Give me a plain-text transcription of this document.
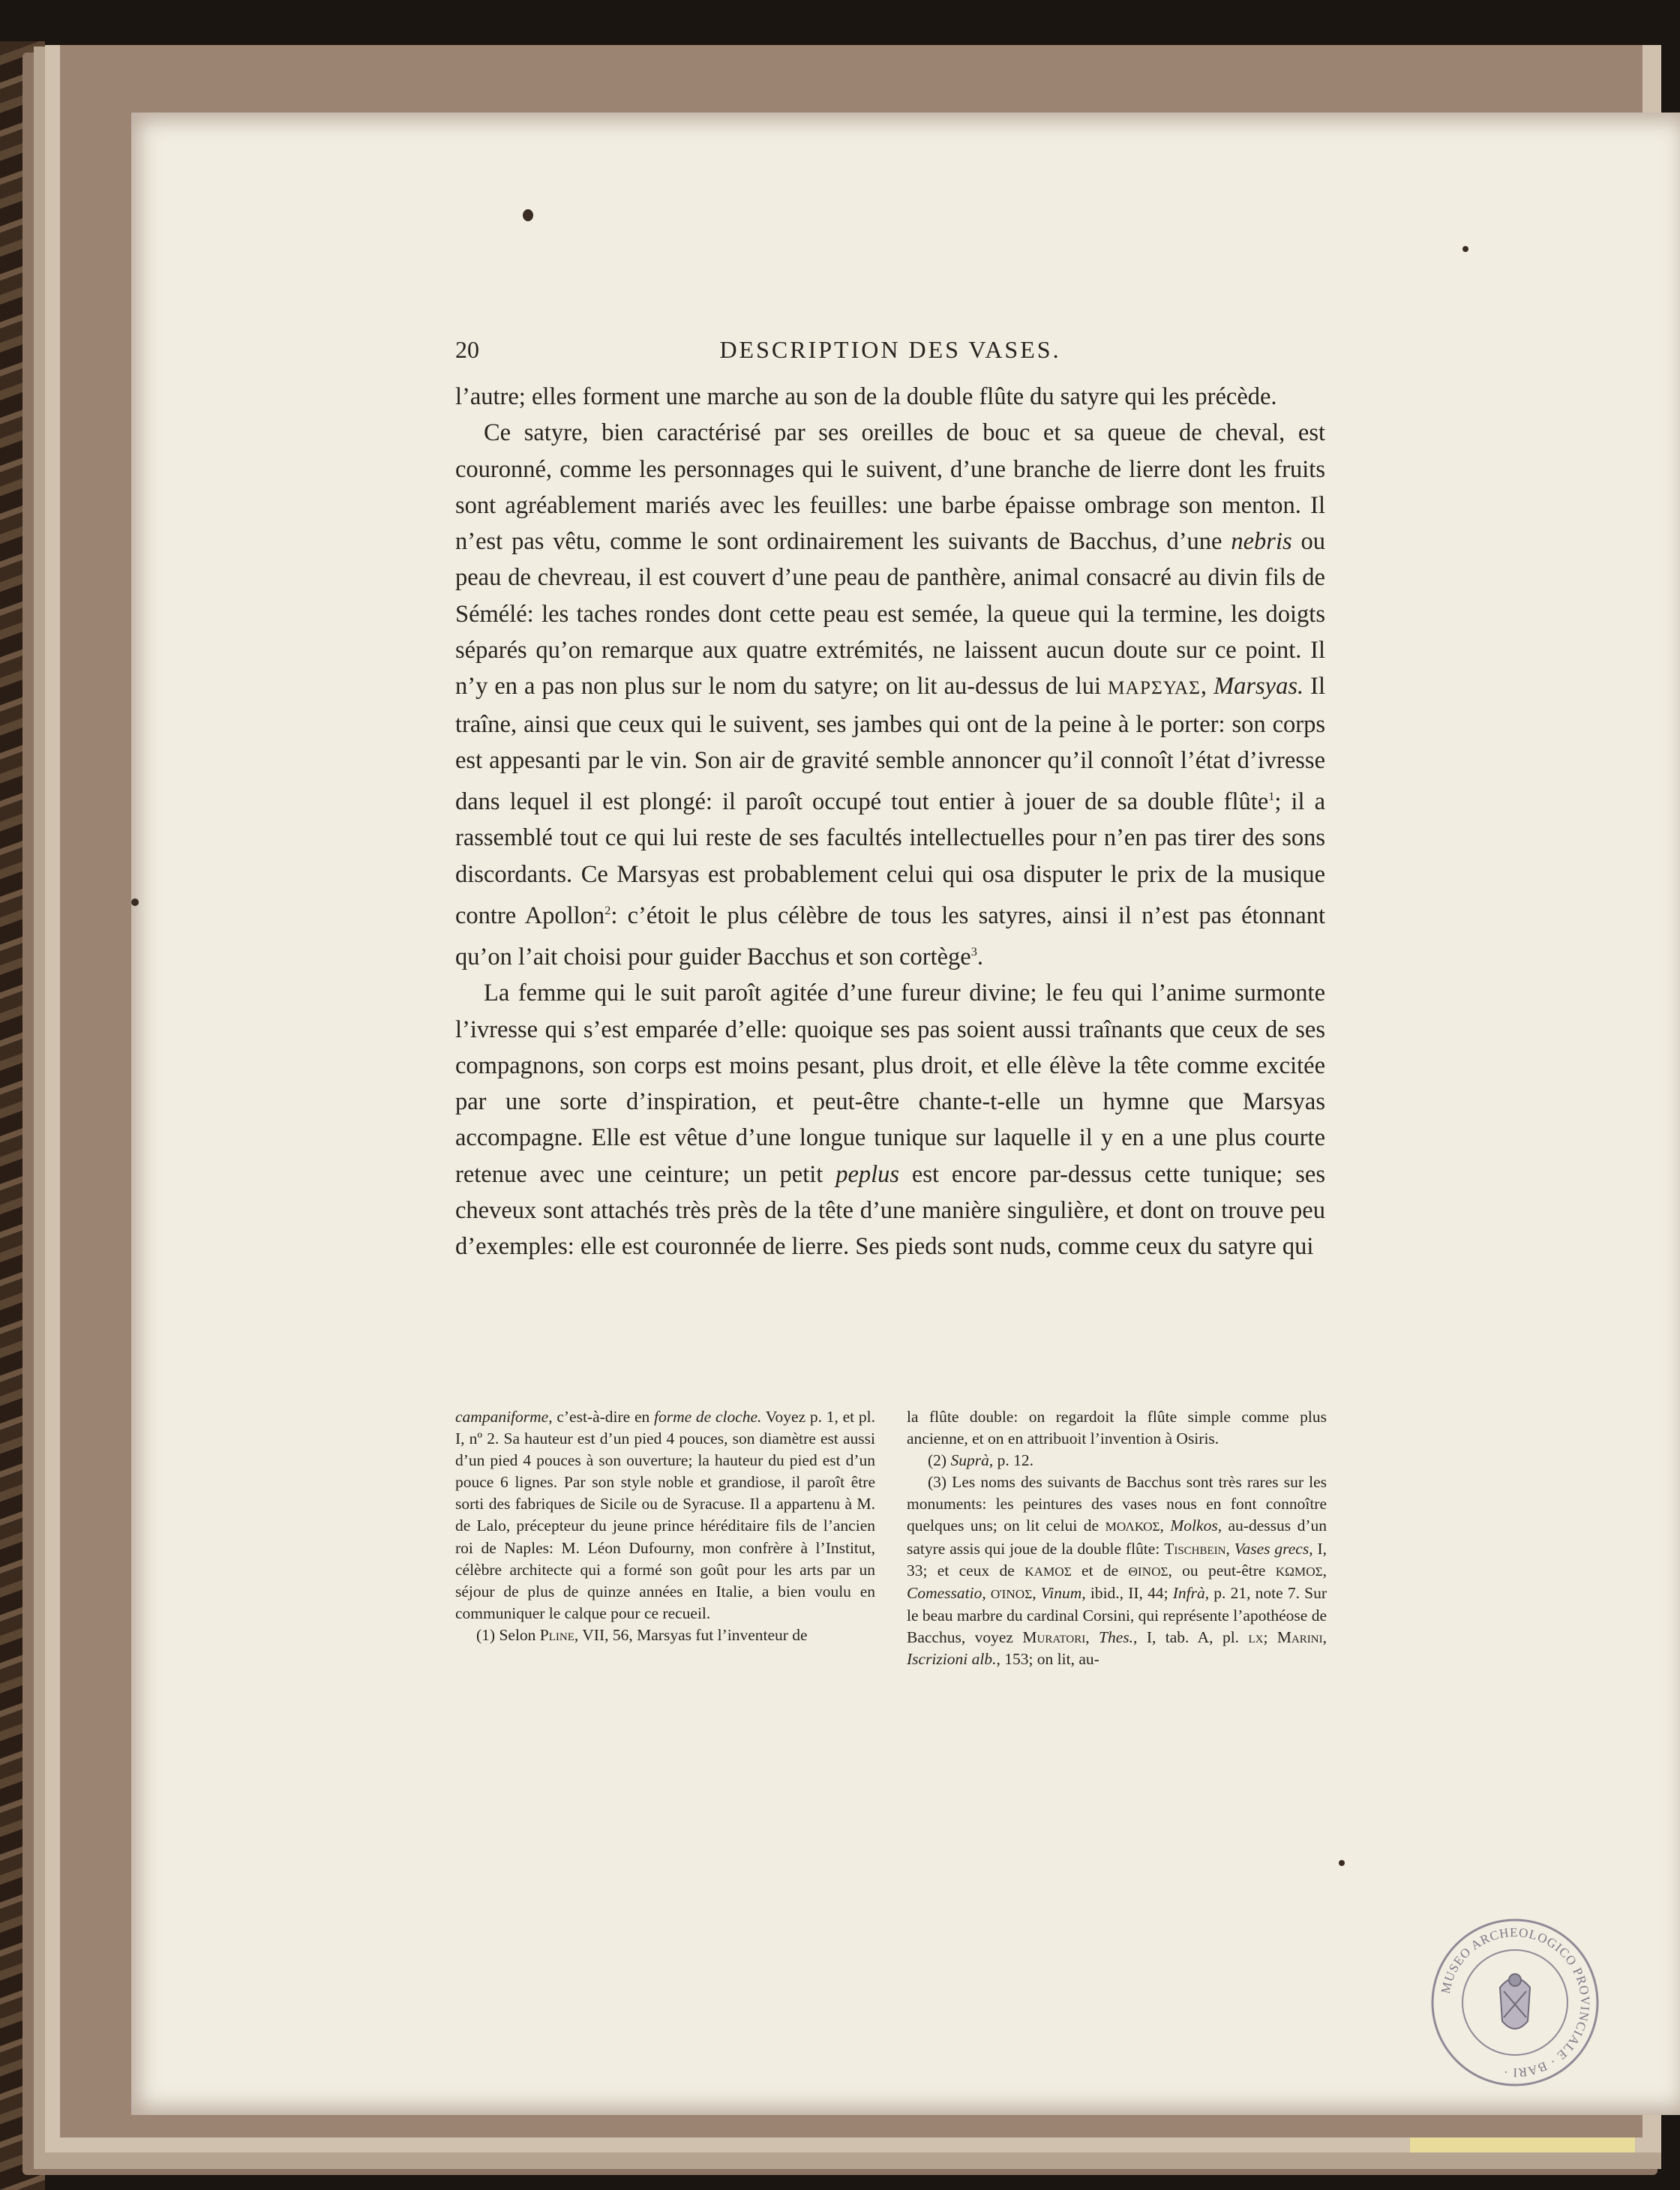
20	DESCRIPTION DES VASES.

l’autre; elles forment une marche au son de la double flûte du satyre qui les précède.

Ce satyre, bien caractérisé par ses oreilles de bouc et sa queue de cheval, est couronné, comme les personnages qui le suivent, d’une branche de lierre dont les fruits sont agréablement mariés avec les feuilles: une barbe épaisse ombrage son menton. Il n’est pas vêtu, comme le sont ordinairement les suivants de Bacchus, d’une nebris ou peau de chevreau, il est couvert d’une peau de panthère, animal consacré au divin fils de Sémélé: les taches rondes dont cette peau est semée, la queue qui la termine, les doigts séparés qu’on remarque aux quatre extrémités, ne laissent aucun doute sur ce point. Il n’y en a pas non plus sur le nom du satyre; on lit au-dessus de lui ΜΑΡΣΥΑΣ, Marsyas. Il traîne, ainsi que ceux qui le suivent, ses jambes qui ont de la peine à le porter: son corps est appesanti par le vin. Son air de gravité semble annoncer qu’il connoît l’état d’ivresse dans lequel il est plongé: il paroît occupé tout entier à jouer de sa double flûte$^1$; il a rassemblé tout ce qui lui reste de ses facultés intellectuelles pour n’en pas tirer des sons discordants. Ce Marsyas est probablement celui qui osa disputer le prix de la musique contre Apollon$^2$: c’étoit le plus célèbre de tous les satyres, ainsi il n’est pas étonnant qu’on l’ait choisi pour guider Bacchus et son cortège$^3$.

La femme qui le suit paroît agitée d’une fureur divine; le feu qui l’anime surmonte l’ivresse qui s’est emparée d’elle: quoique ses pas soient aussi traînants que ceux de ses compagnons, son corps est moins pesant, plus droit, et elle élève la tête comme excitée par une sorte d’inspiration, et peut-être chante-t-elle un hymne que Marsyas accompagne. Elle est vêtue d’une longue tunique sur laquelle il y en a une plus courte retenue avec une ceinture; un petit peplus est encore par-dessus cette tunique; ses cheveux sont attachés très près de la tête d’une manière singulière, et dont on trouve peu d’exemples: elle est couronnée de lierre. Ses pieds sont nuds, comme ceux du satyre qui

campaniforme, c’est-à-dire en forme de cloche. Voyez p. 1, et pl. I, nº 2. Sa hauteur est d’un pied 4 pouces, son diamètre est aussi d’un pied 4 pouces à son ouverture; la hauteur du pied est d’un pouce 6 lignes. Par son style noble et grandiose, il paroît être sorti des fabriques de Sicile ou de Syracuse. Il a appartenu à M. de Lalo, précepteur du jeune prince héréditaire fils de l’ancien roi de Naples: M. Léon Dufourny, mon confrère à l’Institut, célèbre architecte qui a formé son goût pour les arts par un séjour de plus de quinze années en Italie, a bien voulu en communiquer le calque pour ce recueil.

(1) Selon Pline, VII, 56, Marsyas fut l’inventeur de

la flûte double: on regardoit la flûte simple comme plus ancienne, et on en attribuoit l’invention à Osiris.

(2) Suprà, p. 12.

(3) Les noms des suivants de Bacchus sont très rares sur les monuments: les peintures des vases nous en font connoître quelques uns; on lit celui de ΜΟΛΚΟΣ, Molkos, au-dessus d’un satyre assis qui joue de la double flûte: Tischbein, Vases grecs, I, 33; et ceux de ΚΑΜΟΣ et de ΘΙΝΟΣ, ou peut-être ΚΩΜΟΣ, Comessatio, ΟἸΝΟΣ, Vinum, ibid., II, 44; Infrà, p. 21, note 7. Sur le beau marbre du cardinal Corsini, qui représente l’apothéose de Bacchus, voyez Muratori, Thes., I, tab. A, pl. lx; Marini, Iscrizioni alb., 153; on lit, au-

MUSEO ARCHEOLOGICO PROVINCIALE · BARI ·
